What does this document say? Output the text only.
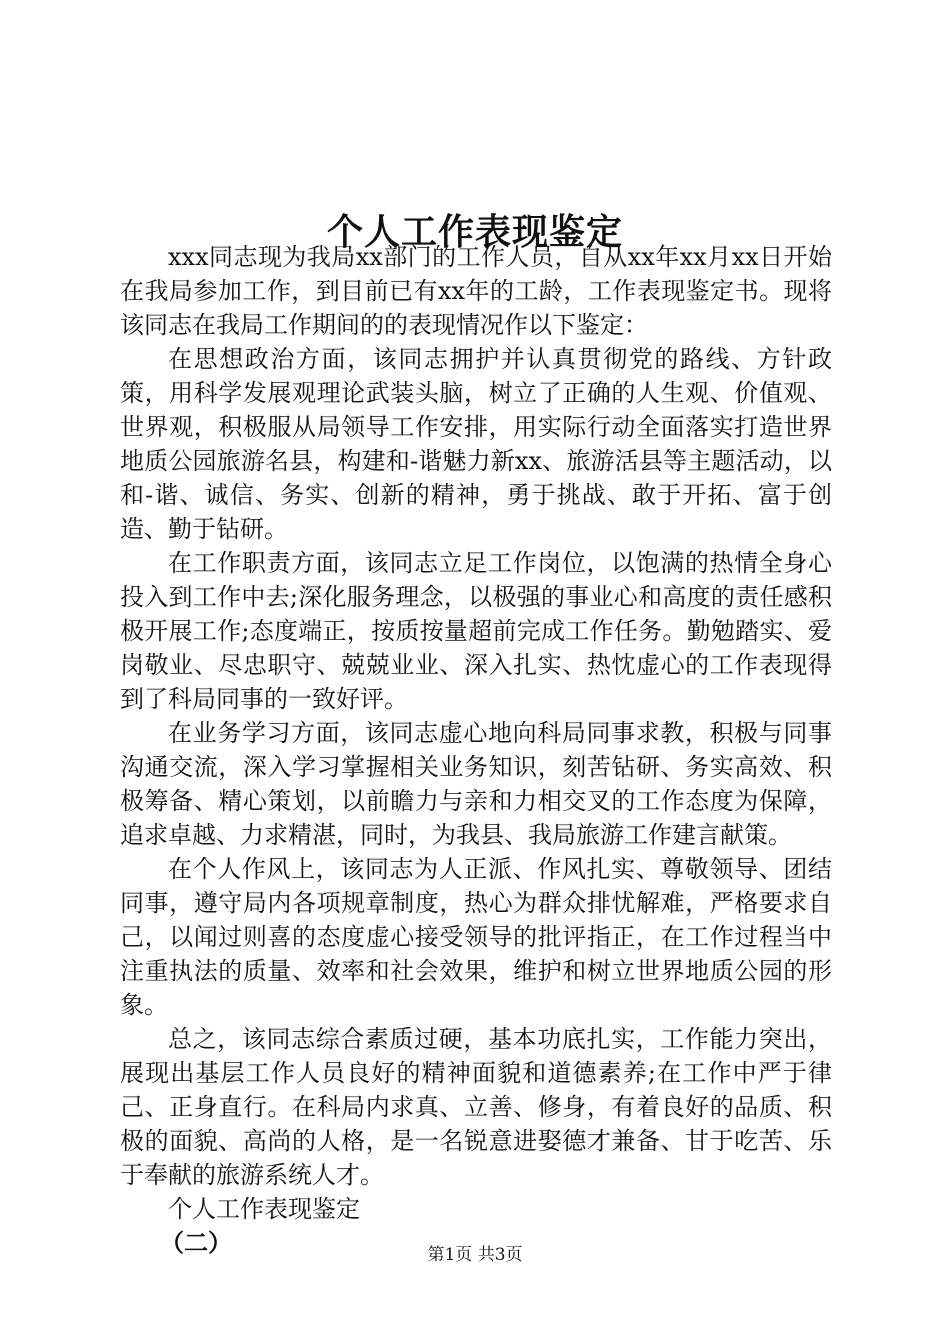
个人工作表现鉴定

xxx同志现为我局xx部门的工作人员，自从xx年xx月xx日开始在我局参加工作，到目前已有xx年的工龄，工作表现鉴定书。现将该同志在我局工作期间的的表现情况作以下鉴定：

在思想政治方面，该同志拥护并认真贯彻党的路线、方针政策，用科学发展观理论武装头脑，树立了正确的人生观、价值观、世界观，积极服从局领导工作安排，用实际行动全面落实打造世界地质公园旅游名县，构建和-谐魅力新xx、旅游活县等主题活动，以和-谐、诚信、务实、创新的精神，勇于挑战、敢于开拓、富于创造、勤于钻研。

在工作职责方面，该同志立足工作岗位，以饱满的热情全身心投入到工作中去;深化服务理念，以极强的事业心和高度的责任感积极开展工作;态度端正，按质按量超前完成工作任务。勤勉踏实、爱岗敬业、尽忠职守、兢兢业业、深入扎实、热忱虚心的工作表现得到了科局同事的一致好评。

在业务学习方面，该同志虚心地向科局同事求教，积极与同事沟通交流，深入学习掌握相关业务知识，刻苦钻研、务实高效、积极筹备、精心策划，以前瞻力与亲和力相交叉的工作态度为保障，追求卓越、力求精湛，同时，为我县、我局旅游工作建言献策。

在个人作风上，该同志为人正派、作风扎实、尊敬领导、团结同事，遵守局内各项规章制度，热心为群众排忧解难，严格要求自己，以闻过则喜的态度虚心接受领导的批评指正，在工作过程当中注重执法的质量、效率和社会效果，维护和树立世界地质公园的形象。

总之，该同志综合素质过硬，基本功底扎实，工作能力突出，展现出基层工作人员良好的精神面貌和道德素养;在工作中严于律己、正身直行。在科局内求真、立善、修身，有着良好的品质、积极的面貌、高尚的人格，是一名锐意进娶德才兼备、甘于吃苦、乐于奉献的旅游系统人才。

个人工作表现鉴定

（二）	第1页 共3页
